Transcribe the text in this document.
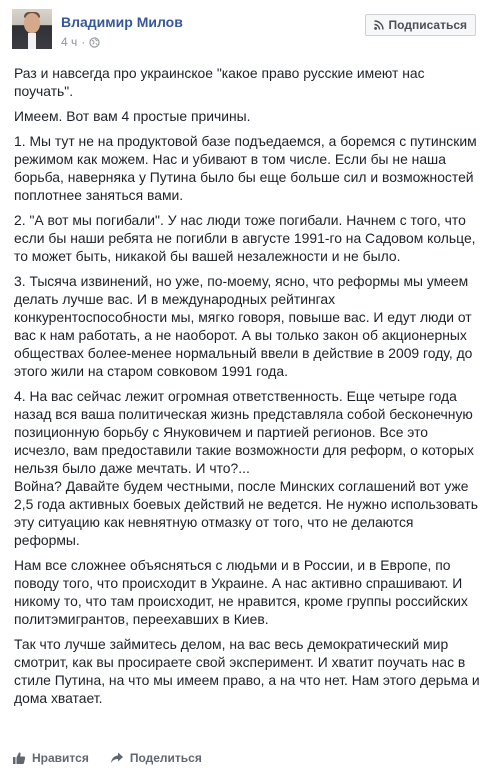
Владимир Милов
4 ч ·
Подписаться

Раз и навсегда про украинское "какое право русские имеют нас поучать".

Имеем. Вот вам 4 простые причины.

1. Мы тут не на продуктовой базе подъедаемся, а боремся с путинским режимом как можем. Нас и убивают в том числе. Если бы не наша борьба, наверняка у Путина было бы еще больше сил и возможностей поплотнее заняться вами.

2. "А вот мы погибали". У нас люди тоже погибали. Начнем с того, что если бы наши ребята не погибли в августе 1991-го на Садовом кольце, то может быть, никакой бы вашей незалежности и не было.

3. Тысяча извинений, но уже, по-моему, ясно, что реформы мы умеем делать лучше вас. И в международных рейтингах конкурентоспособности мы, мягко говоря, повыше вас. И едут люди от вас к нам работать, а не наоборот. А вы только закон об акционерных обществах более-менее нормальный ввели в действие в 2009 году, до этого жили на старом совковом 1991 года.

4. На вас сейчас лежит огромная ответственность. Еще четыре года назад вся ваша политическая жизнь представляла собой бесконечную позиционную борьбу с Януковичем и партией регионов. Все это исчезло, вам предоставили такие возможности для реформ, о которых нельзя было даже мечтать. И что?...
Война? Давайте будем честными, после Минских соглашений вот уже 2,5 года активных боевых действий не ведется. Не нужно использовать эту ситуацию как невнятную отмазку от того, что не делаются реформы.

Нам все сложнее объясняться с людьми и в России, и в Европе, по поводу того, что происходит в Украине. А нас активно спрашивают. И никому то, что там происходит, не нравится, кроме группы российских политэмигрантов, переехавших в Киев.

Так что лучше займитесь делом, на вас весь демократический мир смотрит, как вы просираете свой эксперимент. И хватит поучать нас в стиле Путина, на что мы имеем право, а на что нет. Нам этого дерьма и дома хватает.

Нравится	Поделиться
